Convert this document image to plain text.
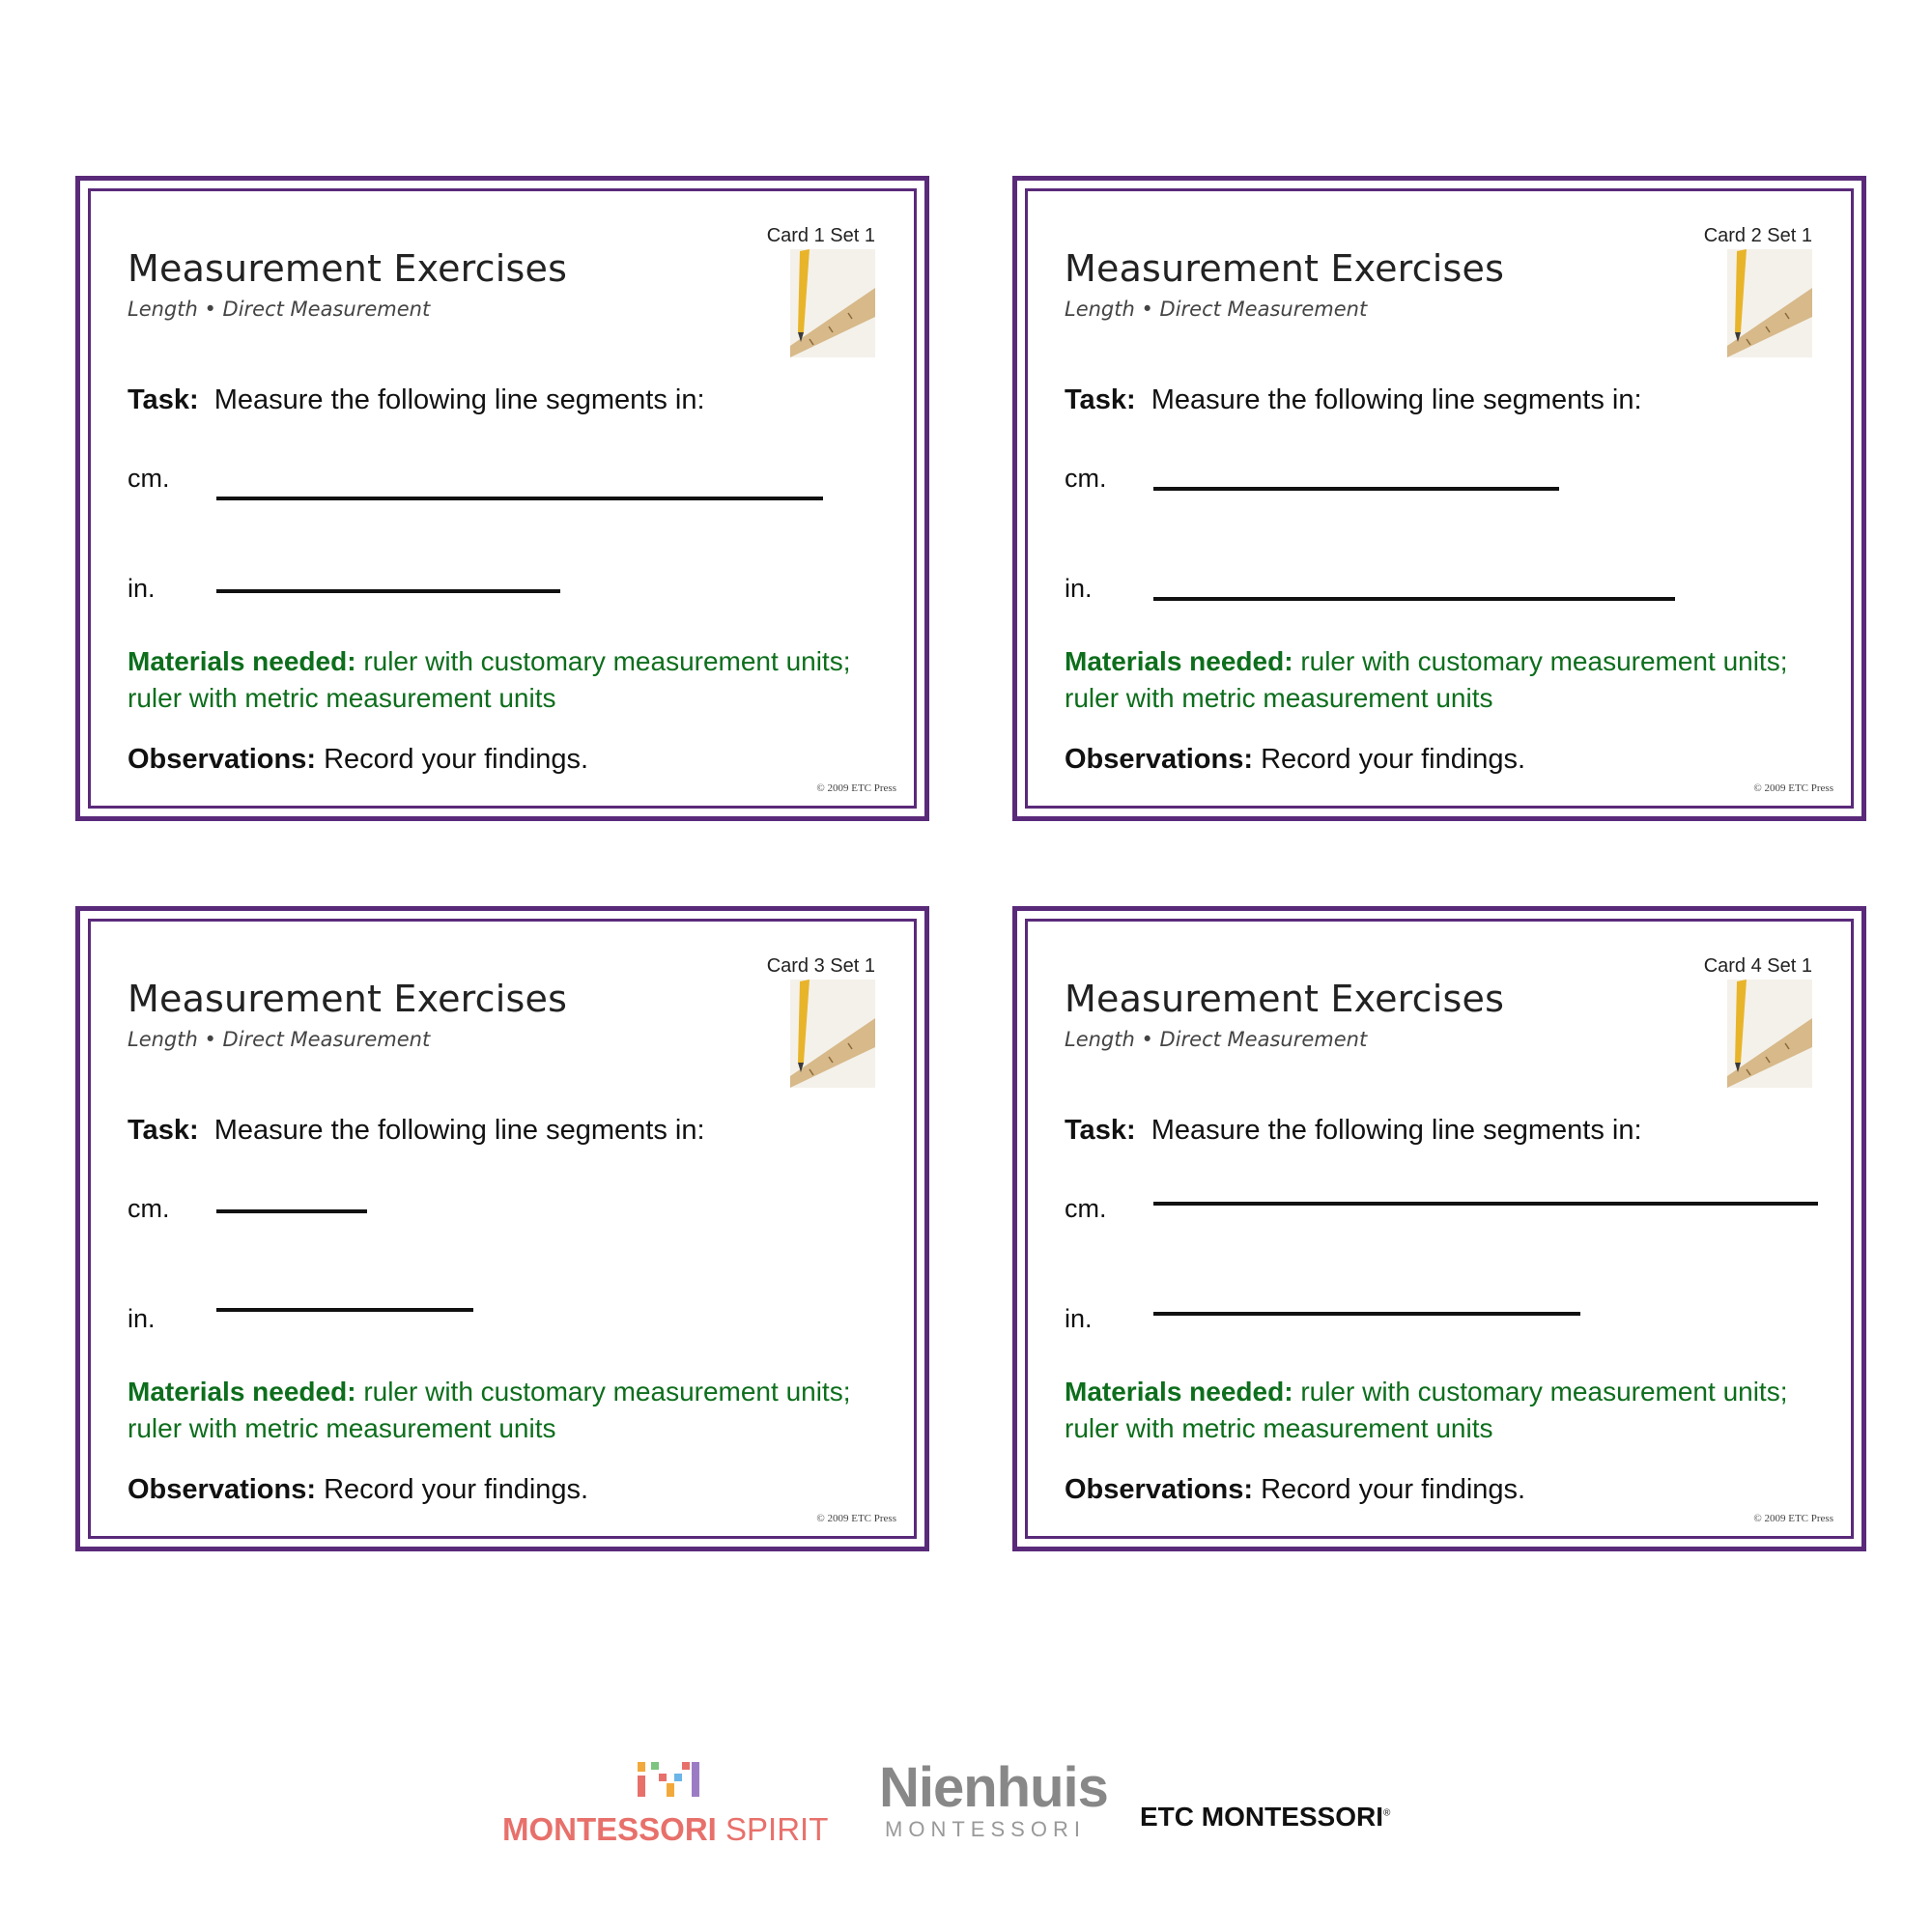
Card 1 Set 1
Measurement Exercises
Length • Direct Measurement
Task: Measure the following line segments in:
cm.
in.
Materials needed: ruler with customary measurement units; ruler with metric measurement units
Observations: Record your findings.
© 2009 ETC Press
Card 2 Set 1
Measurement Exercises
Length • Direct Measurement
Task: Measure the following line segments in:
cm.
in.
Materials needed: ruler with customary measurement units; ruler with metric measurement units
Observations: Record your findings.
© 2009 ETC Press
Card 3 Set 1
Measurement Exercises
Length • Direct Measurement
Task: Measure the following line segments in:
cm.
in.
Materials needed: ruler with customary measurement units; ruler with metric measurement units
Observations: Record your findings.
© 2009 ETC Press
Card 4 Set 1
Measurement Exercises
Length • Direct Measurement
Task: Measure the following line segments in:
cm.
in.
Materials needed: ruler with customary measurement units; ruler with metric measurement units
Observations: Record your findings.
© 2009 ETC Press
MONTESSORI SPIRIT
Nienhuis
MONTESSORI ETC MONTESSORI®
